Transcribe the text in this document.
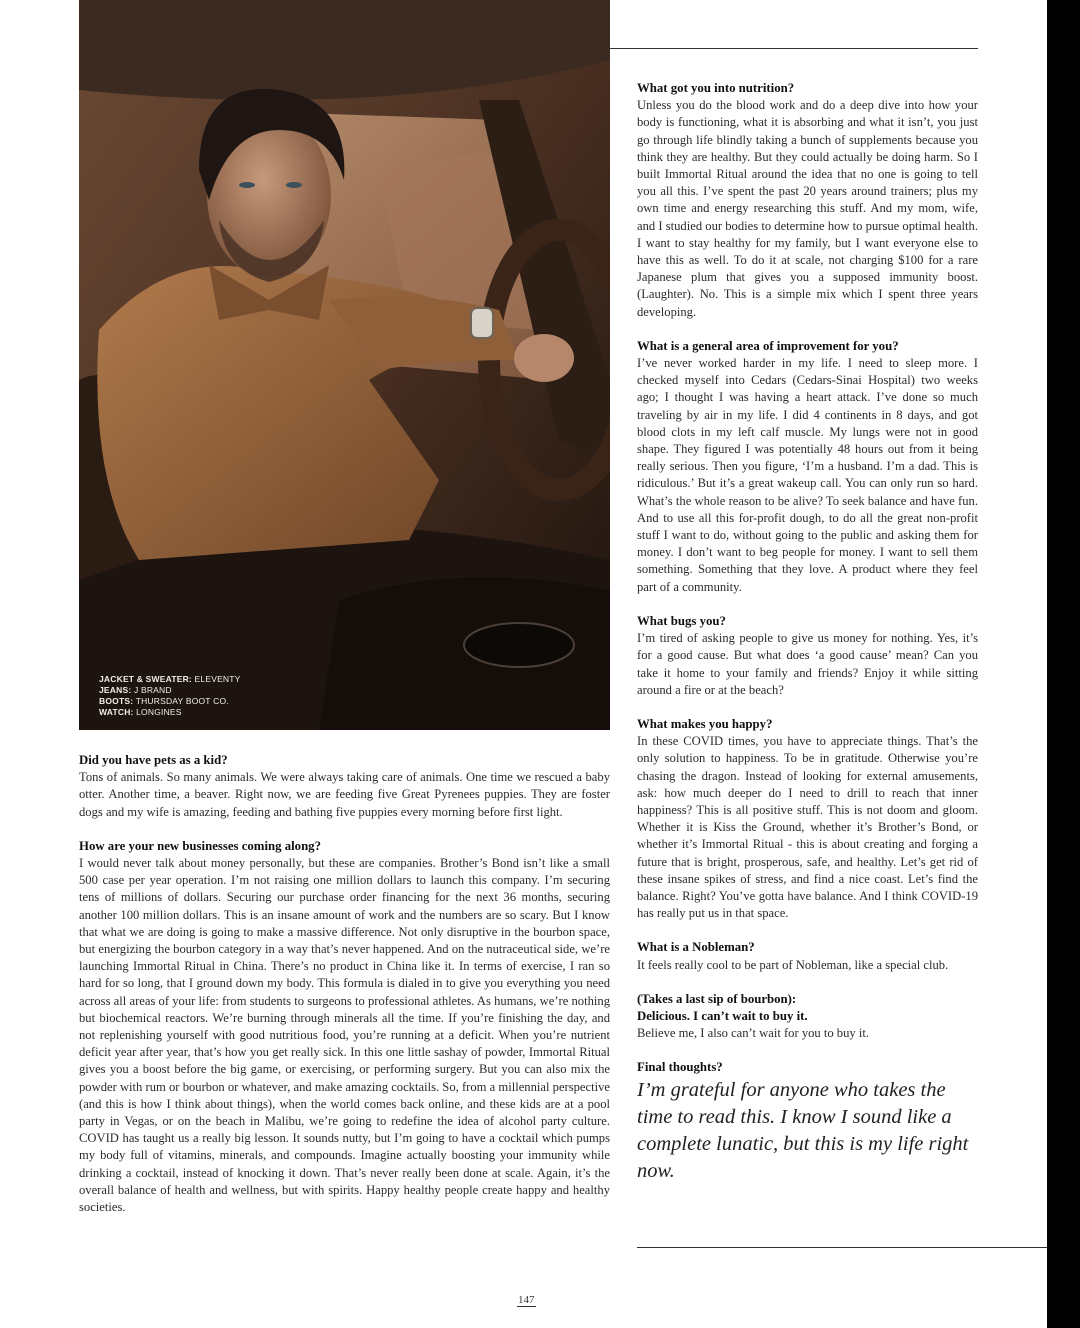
JACKET & SWEATER: ELEVENTY
JEANS: J BRAND
BOOTS: THURSDAY BOOT CO.
WATCH: LONGINES
Did you have pets as a kid?

Tons of animals. So many animals. We were always taking care of animals. One time we rescued a baby otter. Another time, a beaver. Right now, we are feeding five Great Pyrenees puppies. They are foster dogs and my wife is amazing, feeding and bathing five puppies every morning before first light.

How are your new businesses coming along?

I would never talk about money personally, but these are companies. Brother’s Bond isn’t like a small 500 case per year operation. I’m not raising one million dollars to launch this company. I’m securing tens of millions of dollars. Securing our purchase order financing for the next 36 months, securing another 100 million dollars. This is an insane amount of work and the numbers are so scary. But I know that what we are doing is going to make a massive difference. Not only disruptive in the bourbon space, but energizing the bourbon category in a way that’s never happened. And on the nutraceutical side, we’re launching Immortal Ritual in China. There’s no product in China like it. In terms of exercise, I ran so hard for so long, that I ground down my body. This formula is dialed in to give you everything you need across all areas of your life: from students to surgeons to professional athletes. As humans, we’re nothing but biochemical reactors. We’re burning through minerals all the time. If you’re finishing the day, and not replenishing yourself with good nutritious food, you’re running at a deficit. When you’re nutrient deficit year after year, that’s how you get really sick. In this one little sashay of powder, Immortal Ritual gives you a boost before the big game, or exercising, or performing surgery. But you can also mix the powder with rum or bourbon or whatever, and make amazing cocktails. So, from a millennial perspective (and this is how I think about things), when the world comes back online, and these kids are at a pool party in Vegas, or on the beach in Malibu, we’re going to redefine the idea of alcohol party culture. COVID has taught us a really big lesson. It sounds nutty, but I’m going to have a cocktail which pumps my body full of vitamins, minerals, and compounds. Imagine actually boosting your immunity while drinking a cocktail, instead of knocking it down. That’s never really been done at scale. Again, it’s the overall balance of health and wellness, but with spirits. Happy healthy people create happy and healthy societies.

What got you into nutrition?

Unless you do the blood work and do a deep dive into how your body is functioning, what it is absorbing and what it isn’t, you just go through life blindly taking a bunch of supplements because you think they are healthy. But they could actually be doing harm. So I built Immortal Ritual around the idea that no one is going to tell you all this. I’ve spent the past 20 years around trainers; plus my own time and energy researching this stuff. And my mom, wife, and I studied our bodies to determine how to pursue optimal health. I want to stay healthy for my family, but I want everyone else to have this as well. To do it at scale, not charging $100 for a rare Japanese plum that gives you a supposed immunity boost. (Laughter). No. This is a simple mix which I spent three years developing.

What is a general area of improvement for you?

I’ve never worked harder in my life. I need to sleep more. I checked myself into Cedars (Cedars-Sinai Hospital) two weeks ago; I thought I was having a heart attack. I’ve done so much traveling by air in my life. I did 4 continents in 8 days, and got blood clots in my left calf muscle. My lungs were not in good shape. They figured I was potentially 48 hours out from it being really serious. Then you figure, ‘I’m a husband. I’m a dad. This is ridiculous.’ But it’s a great wakeup call. You can only run so hard. What’s the whole reason to be alive? To seek balance and have fun. And to use all this for-profit dough, to do all the great non-profit stuff I want to do, without going to the public and asking them for money. I don’t want to beg people for money. I want to sell them something. Something that they love. A product where they feel part of a community.

What bugs you?

I’m tired of asking people to give us money for nothing. Yes, it’s for a good cause. But what does ‘a good cause’ mean? Can you take it home to your family and friends? Enjoy it while sitting around a fire or at the beach?

What makes you happy?

In these COVID times, you have to appreciate things. That’s the only solution to happiness. To be in gratitude. Otherwise you’re chasing the dragon. Instead of looking for external amusements, ask: how much deeper do I need to drill to reach that inner happiness? This is all positive stuff. This is not doom and gloom. Whether it is Kiss the Ground, whether it’s Brother’s Bond, or whether it’s Immortal Ritual - this is about creating and forging a future that is bright, prosperous, safe, and healthy. Let’s get rid of these insane spikes of stress, and find a nice coast. Let’s find the balance. Right? You’ve gotta have balance. And I think COVID-19 has really put us in that space.

What is a Nobleman?

It feels really cool to be part of Nobleman, like a special club.

(Takes a last sip of bourbon):
Delicious. I can’t wait to buy it.

Believe me, I also can’t wait for you to buy it.

Final thoughts?

I’m grateful for anyone who takes the time to read this. I know I sound like a complete lunatic, but this is my life right now.

147
